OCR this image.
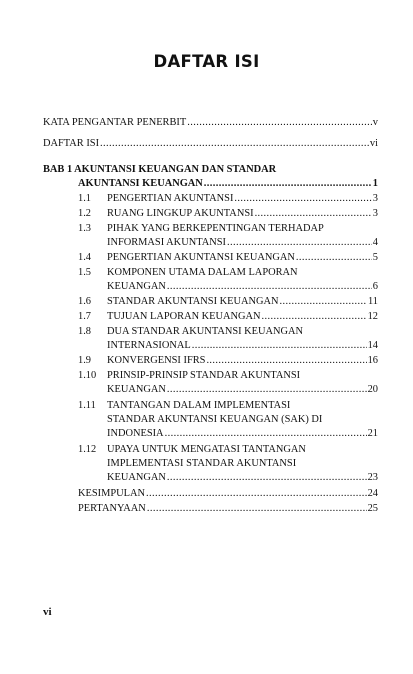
DAFTAR ISI
KATA PENGANTAR PENERBIT .....	v
DAFTAR ISI .....	vi
BAB 1 AKUNTANSI KEUANGAN DAN STANDAR
AKUNTANSI KEUANGAN .....	1
1.1 PENGERTIAN AKUNTANSI .....	3
1.2 RUANG LINGKUP AKUNTANSI .....	3
1.3 PIHAK YANG BERKEPENTINGAN TERHADAP
INFORMASI AKUNTANSI .....	4
1.4 PENGERTIAN AKUNTANSI KEUANGAN .....	5
1.5 KOMPONEN UTAMA DALAM LAPORAN
KEUANGAN .....	6
1.6 STANDAR AKUNTANSI KEUANGAN .....	11
1.7 TUJUAN LAPORAN KEUANGAN .....	12
1.8 DUA STANDAR AKUNTANSI KEUANGAN
INTERNASIONAL .....	14
1.9 KONVERGENSI IFRS .....	16
1.10 PRINSIP-PRINSIP STANDAR AKUNTANSI
KEUANGAN .....	20
1.11 TANTANGAN DALAM IMPLEMENTASI
STANDAR AKUNTANSI KEUANGAN (SAK) DI
INDONESIA .....	21
1.12 UPAYA UNTUK MENGATASI TANTANGAN
IMPLEMENTASI STANDAR AKUNTANSI
KEUANGAN .....	23
KESIMPULAN .....	24
PERTANYAAN .....	25
vi
